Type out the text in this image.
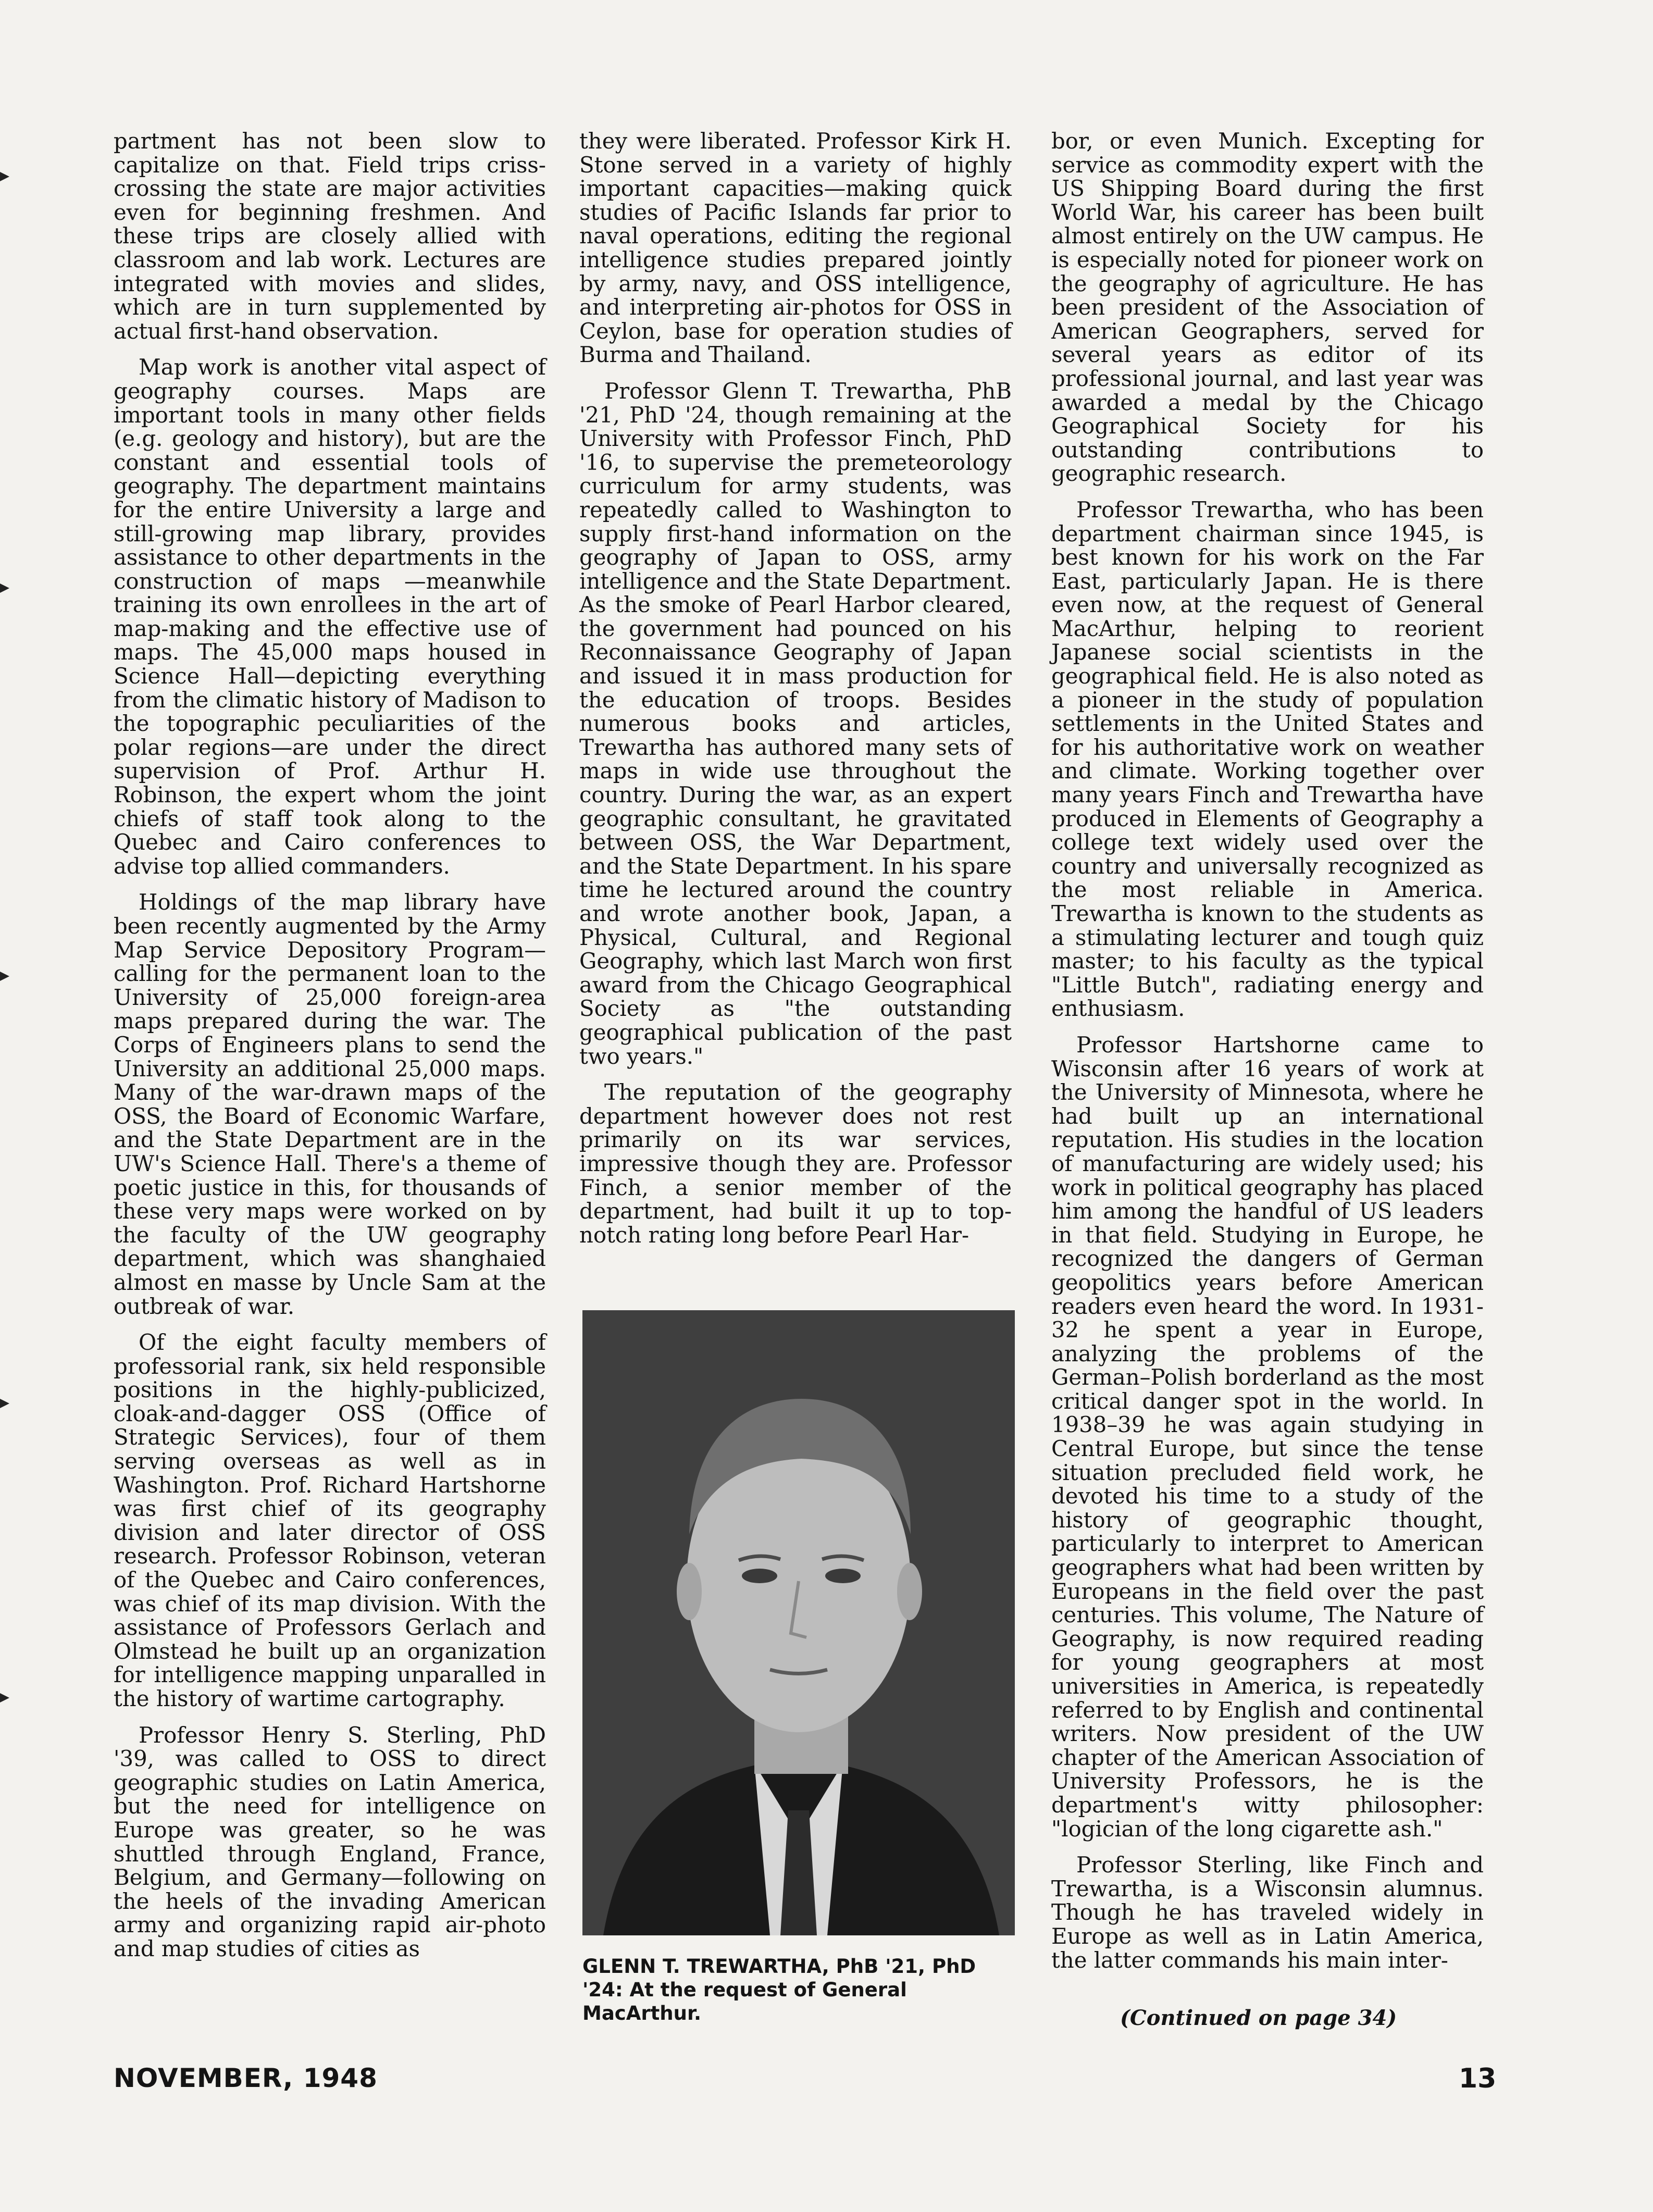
partment has not been slow to capitalize on that. Field trips criss-crossing the state are major activities even for beginning freshmen. And these trips are closely allied with classroom and lab work. Lectures are integrated with movies and slides, which are in turn supplemented by actual first-hand observation.

Map work is another vital aspect of geography courses. Maps are important tools in many other fields (e.g. geology and history), but are the constant and essential tools of geography. The department maintains for the entire University a large and still-growing map library, provides assistance to other departments in the construction of maps —meanwhile training its own enrollees in the art of map-making and the effective use of maps. The 45,000 maps housed in Science Hall—depicting everything from the climatic history of Madison to the topographic peculiarities of the polar regions—are under the direct supervision of Prof. Arthur H. Robinson, the expert whom the joint chiefs of staff took along to the Quebec and Cairo conferences to advise top allied commanders.

Holdings of the map library have been recently augmented by the Army Map Service Depository Program—calling for the permanent loan to the University of 25,000 foreign-area maps prepared during the war. The Corps of Engineers plans to send the University an additional 25,000 maps. Many of the war-drawn maps of the OSS, the Board of Economic Warfare, and the State Department are in the UW's Science Hall. There's a theme of poetic justice in this, for thousands of these very maps were worked on by the faculty of the UW geography department, which was shanghaied almost en masse by Uncle Sam at the outbreak of war.

Of the eight faculty members of professorial rank, six held responsible positions in the highly-publicized, cloak-and-dagger OSS (Office of Strategic Services), four of them serving overseas as well as in Washington. Prof. Richard Hartshorne was first chief of its geography division and later director of OSS research. Professor Robinson, veteran of the Quebec and Cairo conferences, was chief of its map division. With the assistance of Professors Gerlach and Olmstead he built up an organization for intelligence mapping unparalled in the history of wartime cartography.

Professor Henry S. Sterling, PhD '39, was called to OSS to direct geographic studies on Latin America, but the need for intelligence on Europe was greater, so he was shuttled through England, France, Belgium, and Germany—following on the heels of the invading American army and organizing rapid air-photo and map studies of cities as

they were liberated. Professor Kirk H. Stone served in a variety of highly important capacities—making quick studies of Pacific Islands far prior to naval operations, editing the regional intelligence studies prepared jointly by army, navy, and OSS intelligence, and interpreting air-photos for OSS in Ceylon, base for operation studies of Burma and Thailand.

Professor Glenn T. Trewartha, PhB '21, PhD '24, though remaining at the University with Professor Finch, PhD '16, to supervise the premeteorology curriculum for army students, was repeatedly called to Washington to supply first-hand information on the geography of Japan to OSS, army intelligence and the State Department. As the smoke of Pearl Harbor cleared, the government had pounced on his Reconnaissance Geography of Japan and issued it in mass production for the education of troops. Besides numerous books and articles, Trewartha has authored many sets of maps in wide use throughout the country. During the war, as an expert geographic consultant, he gravitated between OSS, the War Department, and the State Department. In his spare time he lectured around the country and wrote another book, Japan, a Physical, Cultural, and Regional Geography, which last March won first award from the Chicago Geographical Society as "the outstanding geographical publication of the past two years."

The reputation of the geography department however does not rest primarily on its war services, impressive though they are. Professor Finch, a senior member of the department, had built it up to top-notch rating long before Pearl Har-

GLENN T. TREWARTHA, PhB '21, PhD '24: At the request of General MacArthur.

bor, or even Munich. Excepting for service as commodity expert with the US Shipping Board during the first World War, his career has been built almost entirely on the UW campus. He is especially noted for pioneer work on the geography of agriculture. He has been president of the Association of American Geographers, served for several years as editor of its professional journal, and last year was awarded a medal by the Chicago Geographical Society for his outstanding contributions to geographic research.

Professor Trewartha, who has been department chairman since 1945, is best known for his work on the Far East, particularly Japan. He is there even now, at the request of General MacArthur, helping to reorient Japanese social scientists in the geographical field. He is also noted as a pioneer in the study of population settlements in the United States and for his authoritative work on weather and climate. Working together over many years Finch and Trewartha have produced in Elements of Geography a college text widely used over the country and universally recognized as the most reliable in America. Trewartha is known to the students as a stimulating lecturer and tough quiz master; to his faculty as the typical "Little Butch", radiating energy and enthusiasm.

Professor Hartshorne came to Wisconsin after 16 years of work at the University of Minnesota, where he had built up an international reputation. His studies in the location of manufacturing are widely used; his work in political geography has placed him among the handful of US leaders in that field. Studying in Europe, he recognized the dangers of German geopolitics years before American readers even heard the word. In 1931-32 he spent a year in Europe, analyzing the problems of the German–Polish borderland as the most critical danger spot in the world. In 1938–39 he was again studying in Central Europe, but since the tense situation precluded field work, he devoted his time to a study of the history of geographic thought, particularly to interpret to American geographers what had been written by Europeans in the field over the past centuries. This volume, The Nature of Geography, is now required reading for young geographers at most universities in America, is repeatedly referred to by English and continental writers. Now president of the UW chapter of the American Association of University Professors, he is the department's witty philosopher: "logician of the long cigarette ash."

Professor Sterling, like Finch and Trewartha, is a Wisconsin alumnus. Though he has traveled widely in Europe as well as in Latin America, the latter commands his main inter-

(Continued on page 34)
NOVEMBER, 1948	13
